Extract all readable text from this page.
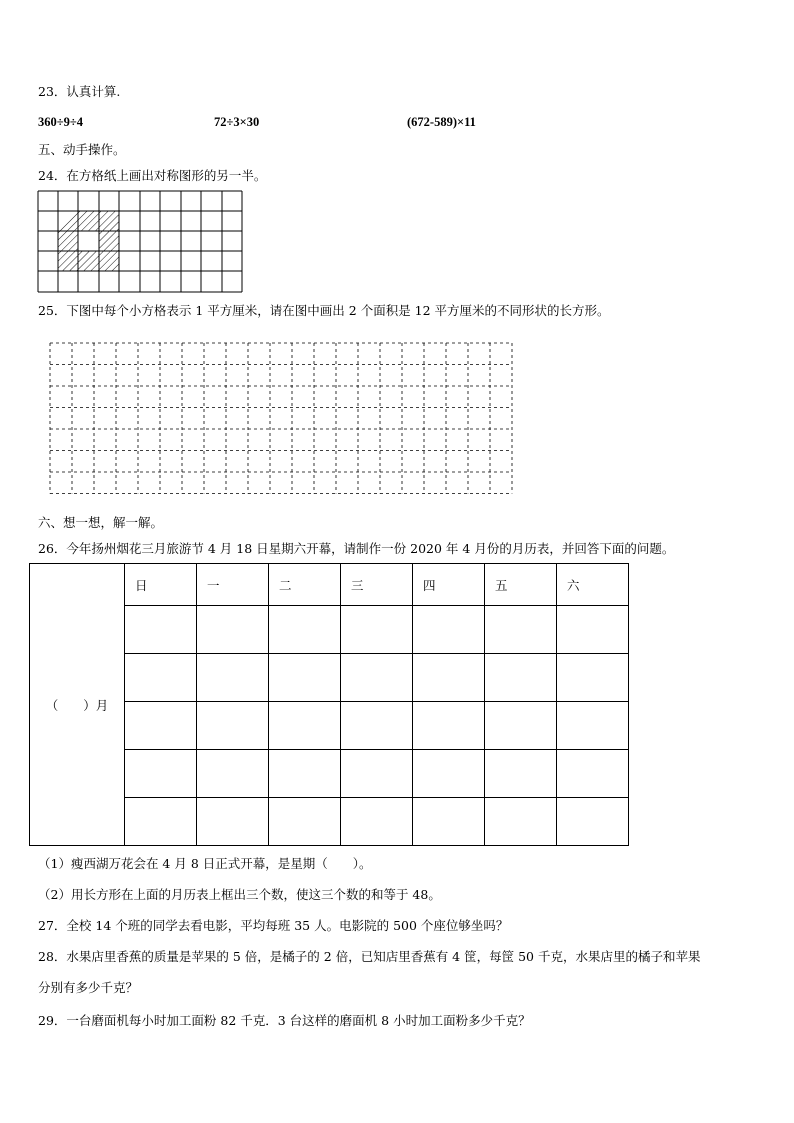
23．认真计算.
360÷9÷4	72÷3×30	(672-589)×11
五、动手操作。
24．在方格纸上画出对称图形的另一半。
25．下图中每个小方格表示 1 平方厘米，请在图中画出 2 个面积是 12 平方厘米的不同形状的长方形。
六、想一想，解一解。
26．今年扬州烟花三月旅游节 4 月 18 日星期六开幕，请制作一份 2020 年 4 月份的月历表，并回答下面的问题。
（　　）月	日	一	二	三	四	五	六

（1）瘦西湖万花会在 4 月 8 日正式开幕，是星期（　　）。
（2）用长方形在上面的月历表上框出三个数，使这三个数的和等于 48。
27．全校 14 个班的同学去看电影，平均每班 35 人。电影院的 500 个座位够坐吗？
28．水果店里香蕉的质量是苹果的 5 倍，是橘子的 2 倍，已知店里香蕉有 4 筐，每筐 50 千克，水果店里的橘子和苹果
分别有多少千克？
29．一台磨面机每小时加工面粉 82 千克．3 台这样的磨面机 8 小时加工面粉多少千克？
